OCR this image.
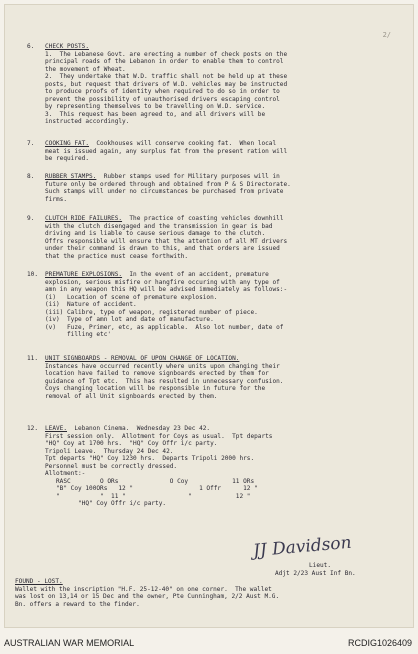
2/
6.	CHECK POSTS.
1.  The Lebanese Govt. are erecting a number of check posts on the
principal roads of the Lebanon in order to enable them to control
the movement of Wheat.
2.  They undertake that W.D. traffic shall not be held up at these
posts, but request that drivers of W.D. vehicles may be instructed
to produce proofs of identity when required to do so in order to
prevent the possibility of unauthorised drivers escaping control
by representing themselves to be travelling on W.D. service.
3.  This request has been agreed to, and all drivers will be
instructed accordingly.
7.	COOKING FAT.  Cookhouses will conserve cooking fat.  When local
meat is issued again, any surplus fat from the present ration will
be required.
8.	RUBBER STAMPS.  Rubber stamps used for Military purposes will in
future only be ordered through and obtained from P & S Directorate.
Such stamps will under no circumstances be purchased from private
firms.
9.	CLUTCH RIDE FAILURES.  The practice of coasting vehicles downhill
with the clutch disengaged and the transmission in gear is bad
driving and is liable to cause serious damage to the clutch.
Offrs responsible will ensure that the attention of all MT drivers
under their command is drawn to this, and that orders are issued
that the practice must cease forthwith.
10.	PREMATURE EXPLOSIONS.  In the event of an accident, premature
explosion, serious misfire or hangfire occuring with any type of
amn in any weapon this HQ will be advised immediately as follows:-
(i)   Location of scene of premature explosion.
(ii)  Nature of accident.
(iii) Calibre, type of weapon, registered number of piece.
(iv)  Type of amn lot and date of manufacture.
(v)   Fuze, Primer, etc, as applicable.  Also lot number, date of
filling etc'
11.	UNIT SIGNBOARDS - REMOVAL OF UPON CHANGE OF LOCATION.
Instances have occurred recently where units upon changing their
location have failed to remove signboards erected by them for
guidance of Tpt etc.  This has resulted in unnecessary confusion.
Coys changing location will be responsible in future for the
removal of all Unit signboards erected by them.
12.	LEAVE.  Lebanon Cinema.  Wednesday 23 Dec 42.
First session only.  Allotment for Coys as usual.  Tpt departs
"HQ" Coy at 1700 hrs.  "HQ" Coy Offr i/c party.
Tripoli Leave.  Thursday 24 Dec 42.
Tpt departs "HQ" Coy 1230 hrs.  Departs Tripoli 2000 hrs.
Personnel must be correctly dressed.
Allotment:-
RASC        O ORs              O Coy            11 ORs
"B" Coy 100ORs   12 "                  1 Offr      12 "
"           "  11 "                 "            12 "
"HQ" Coy Offr i/c party.
JJ Davidson
Lieut.
Adjt 2/23 Aust Inf Bn.
FOUND - LOST.
Wallet with the inscription "H.F. 25-12-40" on one corner.  The wallet
was lost on 13,14 or 15 Dec and the owner, Pte Cunningham, 2/2 Aust M.G.
Bn. offers a reward to the finder.
AUSTRALIAN WAR MEMORIAL	RCDIG1026409
